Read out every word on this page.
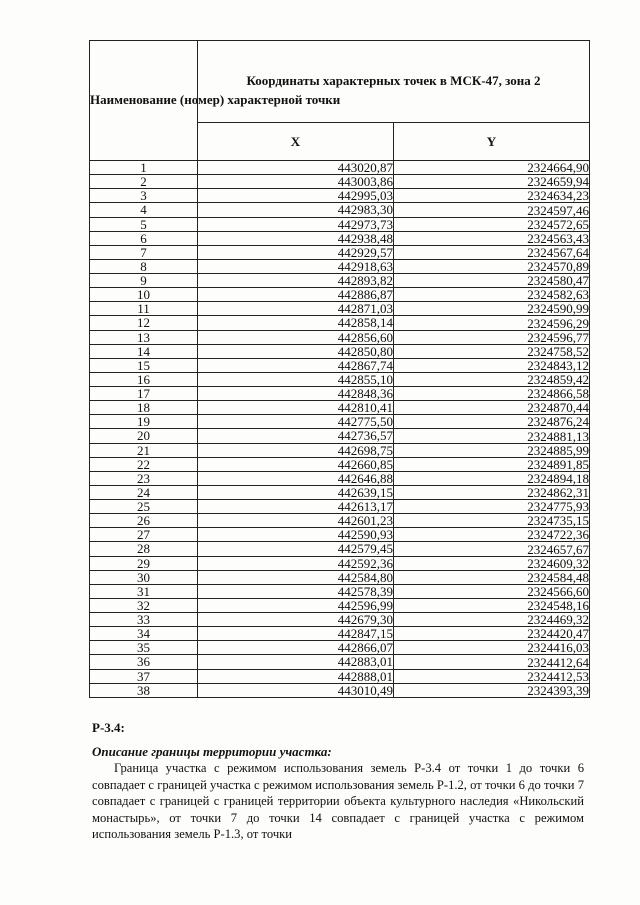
Наименование (номер) характерной точки	Координаты характерных точек в МСК-47, зона 2	
	X	Y
1	443020,87	2324664,90
2	443003,86	2324659,94
3	442995,03	2324634,23
4	442983,30	2324597,46
5	442973,73	2324572,65
6	442938,48	2324563,43
7	442929,57	2324567,64
8	442918,63	2324570,89
9	442893,82	2324580,47
10	442886,87	2324582,63
11	442871,03	2324590,99
12	442858,14	2324596,29
13	442856,60	2324596,77
14	442850,80	2324758,52
15	442867,74	2324843,12
16	442855,10	2324859,42
17	442848,36	2324866,58
18	442810,41	2324870,44
19	442775,50	2324876,24
20	442736,57	2324881,13
21	442698,75	2324885,99
22	442660,85	2324891,85
23	442646,88	2324894,18
24	442639,15	2324862,31
25	442613,17	2324775,93
26	442601,23	2324735,15
27	442590,93	2324722,36
28	442579,45	2324657,67
29	442592,36	2324609,32
30	442584,80	2324584,48
31	442578,39	2324566,60
32	442596,99	2324548,16
33	442679,30	2324469,32
34	442847,15	2324420,47
35	442866,07	2324416,03
36	442883,01	2324412,64
37	442888,01	2324412,53
38	443010,49	2324393,39
Р-3.4:
Описание границы территории участка:

Граница участка с режимом использования земель Р-3.4 от точки 1 до точки 6 совпадает с границей участка с режимом использования земель Р-1.2, от точки 6 до точки 7 совпадает с границей с границей территории объекта культурного наследия «Никольский монастырь», от точки 7 до точки 14 совпадает с границей участка с режимом использования земель Р-1.3, от точки
